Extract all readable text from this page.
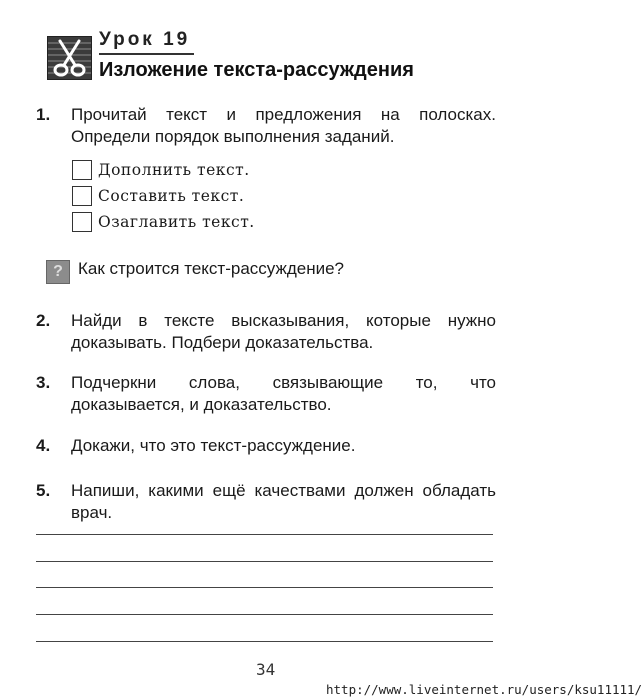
Урок 19
Изложение текста-рассуждения
1. Прочитай текст и предложения на полосках. Определи порядок выполнения заданий.
Дополнить текст.
Составить текст.
Озаглавить текст.
? Как строится текст-рассуждение?
2. Найди в тексте высказывания, которые нужно доказывать. Подбери доказательства.
3. Подчеркни слова, связывающие то, что доказывается, и доказательство.
4. Докажи, что это текст-рассуждение.
5. Напиши, какими ещё качествами должен обладать врач.
34
http://www.liveinternet.ru/users/ksu11111/
